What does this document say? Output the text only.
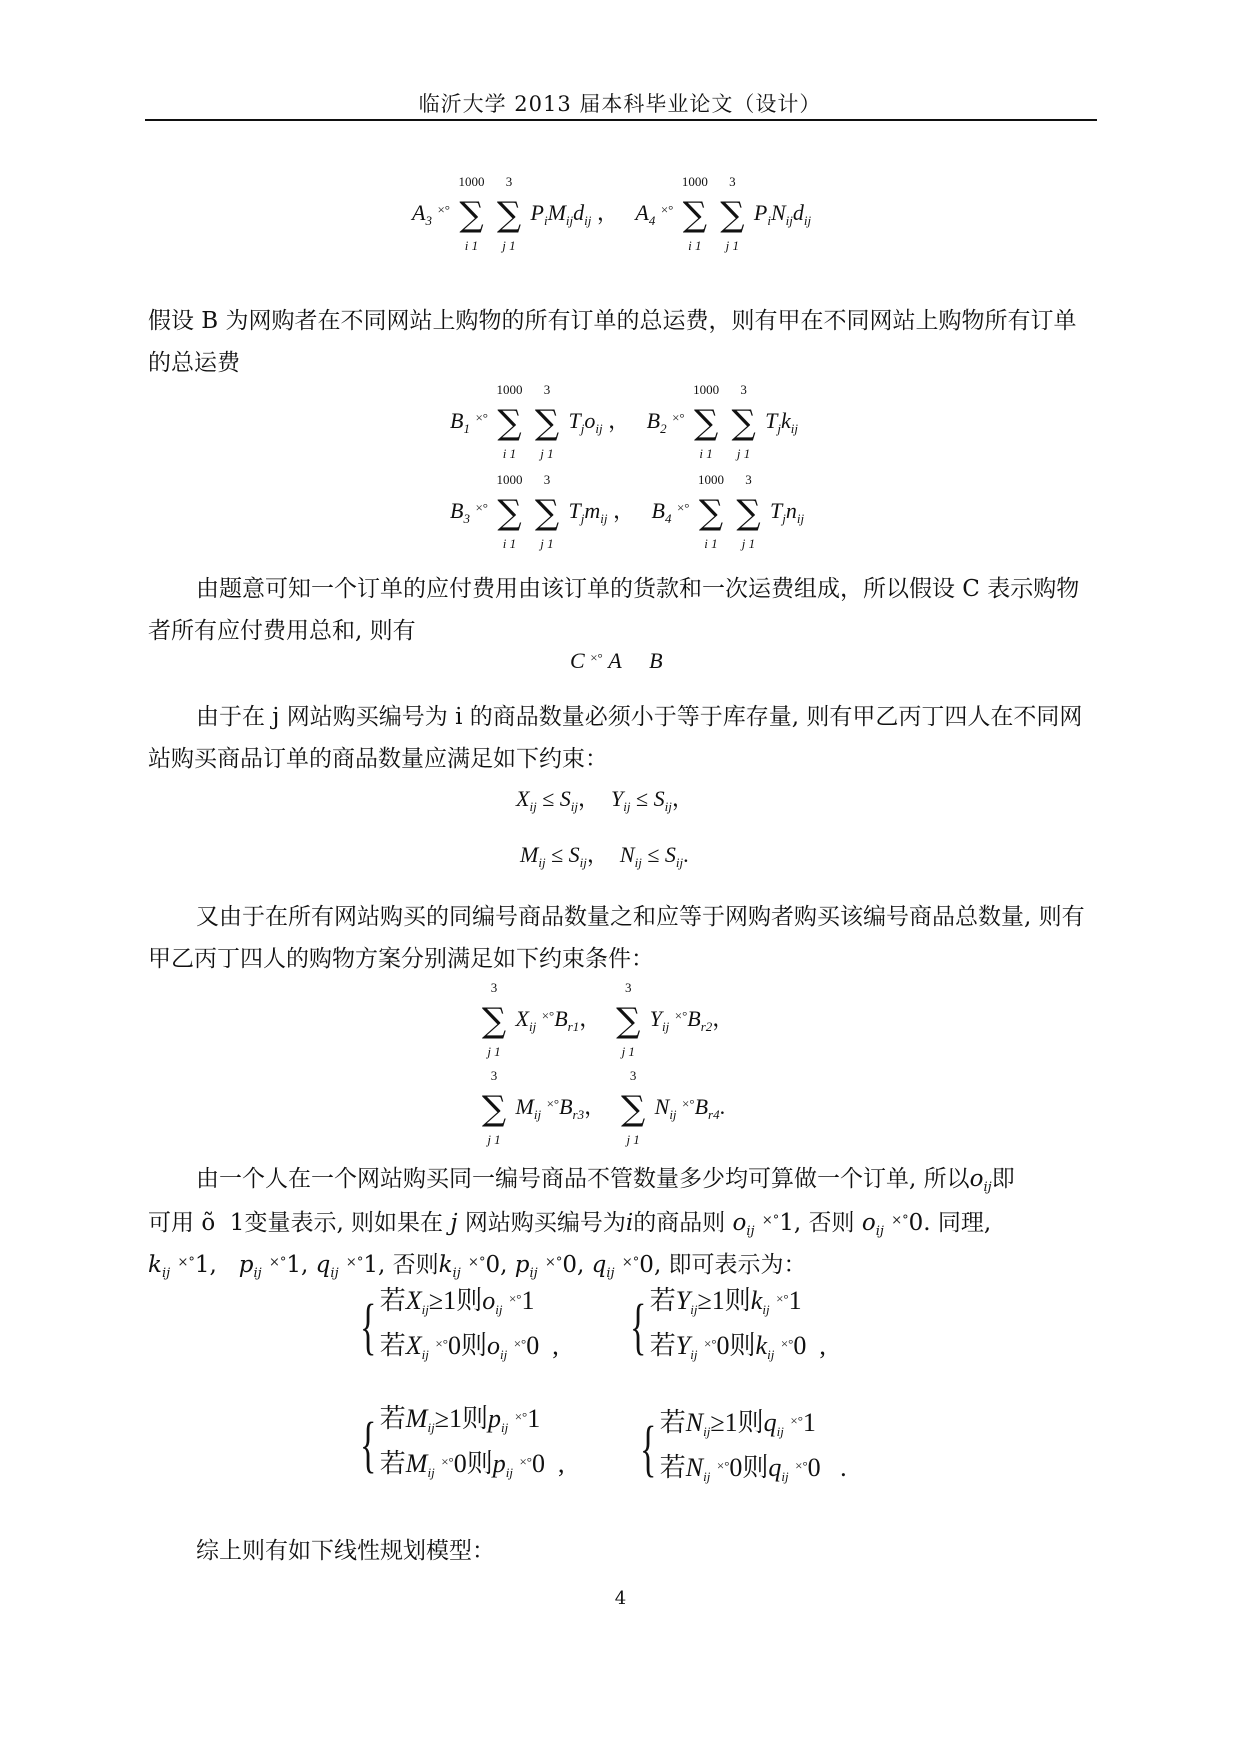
临沂大学 2013 届本科毕业论文（设计）
$A_3$ ×°
1000
∑
i 1

3
∑
j 1
$P_iM_{ij}d_{ij}$ ， $A_4$ ×°
1000
∑
i 1

3
∑
j 1
$P_iN_{ij}d_{ij}$
假设 B 为网购者在不同网站上购物的所有订单的总运费，则有甲在不同网站上购物所有订单的总运费
$B_1$ ×°
1000
∑
i 1

3
∑
j 1
$T_jo_{ij}$ ， $B_2$ ×°
1000
∑
i 1

3
∑
j 1
$T_jk_{ij}$
$B_3$ ×°
1000
∑
i 1

3
∑
j 1
$T_jm_{ij}$ ， $B_4$ ×°
1000
∑
i 1

3
∑
j 1
$T_jn_{ij}$
由题意可知一个订单的应付费用由该订单的货款和一次运费组成，所以假设 C 表示购物者所有应付费用总和, 则有
C ×° A B
由于在 j 网站购买编号为 i 的商品数量必须小于等于库存量, 则有甲乙丙丁四人在不同网站购买商品订单的商品数量应满足如下约束：
$X_{ij} \le S_{ij}$， $Y_{ij} \le S_{ij}$，
$M_{ij} \le S_{ij}$， $N_{ij} \le S_{ij}$.
又由于在所有网站购买的同编号商品数量之和应等于网购者购买该编号商品总数量, 则有甲乙丙丁四人的购物方案分别满足如下约束条件：
3
∑
j 1
$X_{ij}$ $^{\times^\circ}B_{r1}$，
3
∑
j 1
$Y_{ij}$ $^{\times^\circ}B_{r2}$，
3
∑
j 1
$M_{ij}$ $^{\times^\circ}B_{r3}$，
3
∑
j 1
$N_{ij}$ $^{\times^\circ}B_{r4}$.
由一个人在一个网站购买同一编号商品不管数量多少均可算做一个订单, 所以$o_{ij}$即
可用 õ 1变量表示, 则如果在 j 网站购买编号为i的商品则 $o_{ij}$ ×°1, 否则 $o_{ij}$ ×°0. 同理,
$k_{ij}$ ×°1,   $p_{ij}$ ×°1, $q_{ij}$ ×°1, 否则$k_{ij}$ ×°0, $p_{ij}$ ×°0, $q_{ij}$ ×°0, 即可表示为：
{ 若$X_{ij}\ge 1$则$o_{ij}$ ×°1
若$X_{ij}$ ×°0则$o_{ij}$ ×°0  , { 若$Y_{ij}\ge 1$则$k_{ij}$ ×°1
若$Y_{ij}$ ×°0则$k_{ij}$ ×°0  ,
{ 若$M_{ij}\ge 1$则$p_{ij}$ ×°1
若$M_{ij}$ ×°0则$p_{ij}$ ×°0  , { 若$N_{ij}\ge 1$则$q_{ij}$ ×°1
若$N_{ij}$ ×°0则$q_{ij}$ ×°0 .
综上则有如下线性规划模型：
4
